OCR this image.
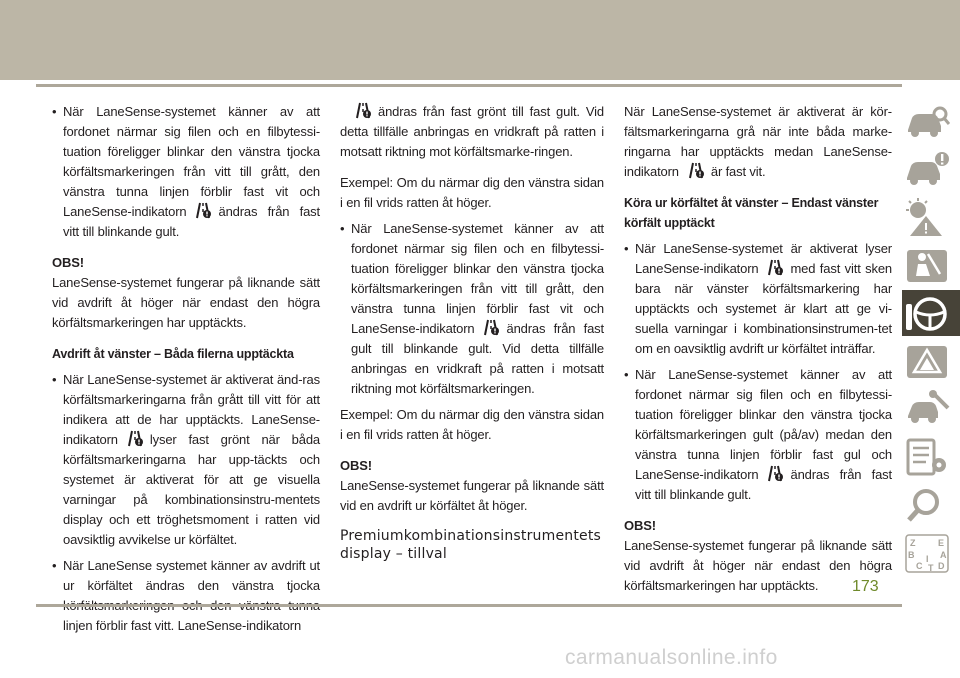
• När LaneSense-systemet känner av att fordonet närmar sig filen och en filbytessi-tuation föreligger blinkar den vänstra tjocka körfältsmarkeringen från vitt till grått, den vänstra tunna linjen förblir fast vit och LaneSense-indikatorn ändras från fast vitt till blinkande gult.

OBS!

LaneSense-systemet fungerar på liknande sätt vid avdrift åt höger när endast den högra körfältsmarkeringen har upptäckts.

Avdrift åt vänster – Båda filerna upptäckta

• När LaneSense-systemet är aktiverat änd-ras körfältsmarkeringarna från grått till vitt för att indikera att de har upptäckts. LaneSense-indikatorn lyser fast grönt när båda körfältsmarkeringarna har upp-täckts och systemet är aktiverat för att ge visuella varningar på kombinationsinstru-mentets display och ett tröghetsmoment i ratten vid oavsiktlig avvikelse ur körfältet.

• När LaneSense systemet känner av avdrift ut ur körfältet ändras den vänstra tjocka linjen förblir fast vitt. LaneSense-indikatorn

ändras från fast grönt till fast gult. Vid detta tillfälle anbringas en vridkraft på ratten i motsatt riktning mot körfältsmarke-ringen.

Exempel: Om du närmar dig den vänstra sidan i en fil vrids ratten åt höger.

• När LaneSense-systemet känner av att fordonet närmar sig filen och en filbytessi-tuation föreligger blinkar den vänstra tjocka körfältsmarkeringen från vitt till grått, den vänstra tunna linjen förblir fast vit och LaneSense-indikatorn ändras från fast gult till blinkande gult. Vid detta tillfälle anbringas en vridkraft på ratten i motsatt riktning mot körfältsmarkeringen.

Exempel: Om du närmar dig den vänstra sidan i en fil vrids ratten åt höger.

OBS!

LaneSense-systemet fungerar på liknande sätt vid en avdrift ur körfältet åt höger.

Premiumkombinationsinstrumentets display – tillval

När LaneSense-systemet är aktiverat är kör-fältsmarkeringarna grå när inte båda marke-ringarna har upptäckts medan LaneSense-indikatorn är fast vit.

Köra ur körfältet åt vänster – Endast vänster körfält upptäckt

• När LaneSense-systemet är aktiverat lyser LaneSense-indikatorn med fast vitt sken bara när vänster körfältsmarkering har upptäckts och systemet är klart att ge vi-suella varningar i kombinationsinstrumen-tet om en oavsiktlig avdrift ur körfältet inträffar.

• När LaneSense-systemet känner av att fordonet närmar sig filen och en filbytessi-tuation föreligger blinkar den vänstra tjocka körfältsmarkeringen gult (på/av) medan den vänstra tunna linjen förblir fast gul och LaneSense-indikatorn ändras från fast vitt till blinkande gult.

OBS!

LaneSense-systemet fungerar på liknande sätt vid avdrift åt höger när endast den högra körfältsmarkeringen har upptäckts.

Z	E
B	A
C
I
D
T
173
carmanualsonline.info
